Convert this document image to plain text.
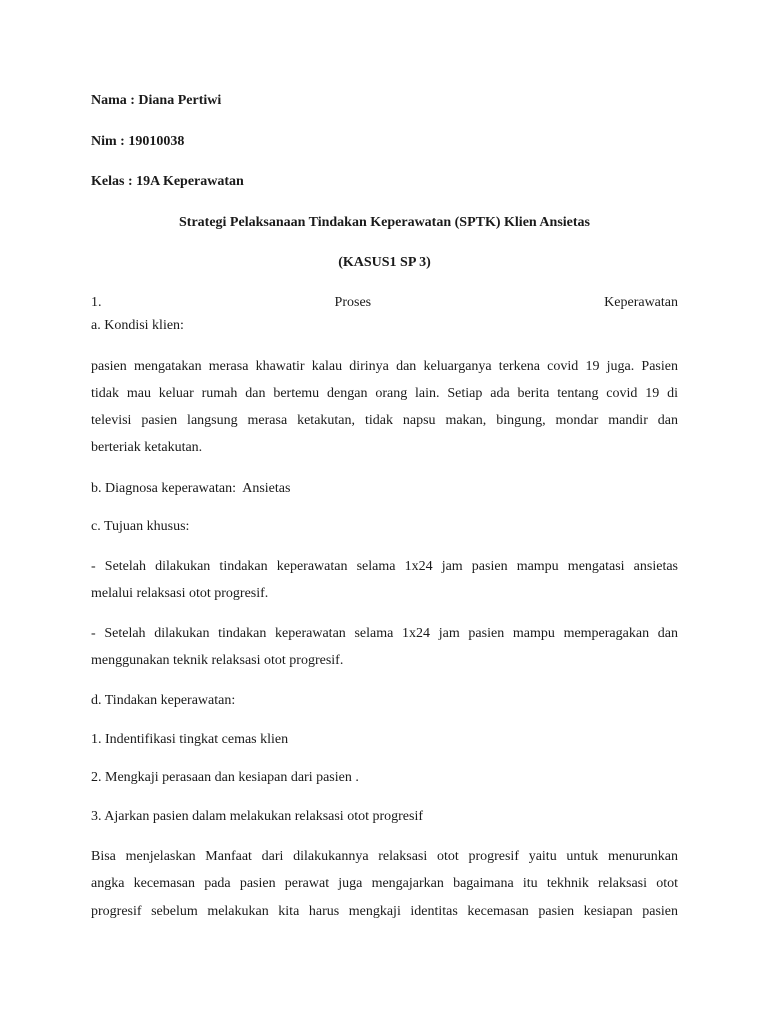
Nama : Diana Pertiwi
Nim : 19010038
Kelas : 19A Keperawatan
Strategi Pelaksanaan Tindakan Keperawatan (SPTK) Klien Ansietas
(KASUS1 SP 3)
1.	Proses	Keperawatan
a. Kondisi klien:
pasien mengatakan merasa khawatir kalau dirinya dan keluarganya terkena covid 19 juga. Pasien
tidak mau keluar rumah dan bertemu dengan orang lain. Setiap ada berita tentang covid 19 di
televisi pasien langsung merasa ketakutan, tidak napsu makan, bingung, mondar mandir dan
berteriak ketakutan.
b. Diagnosa keperawatan:  Ansietas
c. Tujuan khusus:
- Setelah dilakukan tindakan keperawatan selama 1x24 jam pasien mampu mengatasi ansietas
melalui relaksasi otot progresif.
- Setelah dilakukan tindakan keperawatan selama 1x24 jam pasien mampu memperagakan dan
menggunakan teknik relaksasi otot progresif.
d. Tindakan keperawatan:
1. Indentifikasi tingkat cemas klien
2. Mengkaji perasaan dan kesiapan dari pasien .
3. Ajarkan pasien dalam melakukan relaksasi otot progresif
Bisa menjelaskan Manfaat dari dilakukannya relaksasi otot progresif yaitu untuk menurunkan
angka kecemasan pada pasien perawat juga mengajarkan bagaimana itu tekhnik relaksasi otot
progresif sebelum melakukan kita harus mengkaji identitas kecemasan pasien kesiapan pasien
